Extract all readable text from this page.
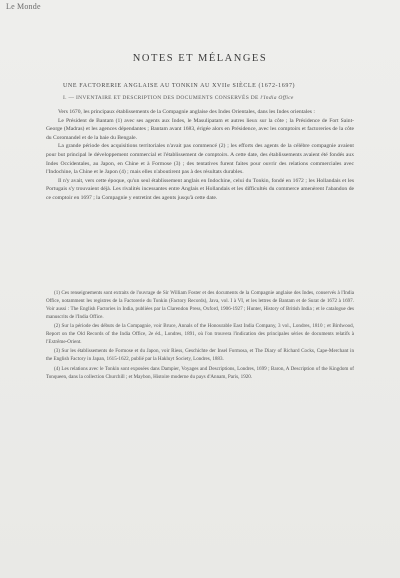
Le Monde
NOTES ET MÉLANGES
UNE FACTORERIE ANGLAISE AU TONKIN AU XVIIe SIÈCLE (1672-1697)
I. — INVENTAIRE ET DESCRIPTION DES DOCUMENTS CONSERVÉS DE l'India Office

Vers 1670, les principaux établissements de la Compagnie anglaise des Indes Orientales, dans les Indes orientales :

Le Président de Bantam (1) avec ses agents aux Indes, le Masulipatam et autres lieux sur la côte ; la Présidence de Fort Saint-George (Madras) et les agences dépendantes ; Bantam avant 1683, érigée alors en Présidence, avec les comptoirs et factoreries de la côte du Coromandel et de la baie du Bengale.

La grande période des acquisitions territoriales n'avait pas commencé (2) ; les efforts des agents de la célèbre compagnie avaient pour but principal le développement commercial et l'établissement de comptoirs. A cette date, des établissements avaient été fondés aux Indes Occidentales, au Japon, en Chine et à Formose (3) ; des tentatives furent faites pour ouvrir des relations commerciales avec l'Indochine, la Chine et le Japon (4) ; mais elles n'aboutirent pas à des résultats durables.

Il n'y avait, vers cette époque, qu'un seul établissement anglais en Indochine, celui du Tonkin, fondé en 1672 ; les Hollandais et les Portugais s'y trouvaient déjà. Les rivalités incessantes entre Anglais et Hollandais et les difficultés du commerce amenèrent l'abandon de ce comptoir en 1697 ; la Compagnie y entretint des agents jusqu'à cette date.

(1) Ces renseignements sont extraits de l'ouvrage de Sir William Foster et des documents de la Compagnie anglaise des Indes, conservés à l'India Office, notamment les registres de la Factorerie du Tonkin (Factory Records), Java, vol. I à VI, et les lettres de Bantam et de Surat de 1672 à 1697. Voir aussi : The English Factories in India, publiées par la Clarendon Press, Oxford, 1906-1927 ; Hunter, History of British India ; et le catalogue des manuscrits de l'India Office.

(2) Sur la période des débuts de la Compagnie, voir Bruce, Annals of the Honourable East India Company, 3 vol., Londres, 1810 ; et Birdwood, Report on the Old Records of the India Office, 2e éd., Londres, 1891, où l'on trouvera l'indication des principales séries de documents relatifs à l'Extrême-Orient.

(3) Sur les établissements de Formose et du Japon, voir Riess, Geschichte der Insel Formosa, et The Diary of Richard Cocks, Cape-Merchant in the English Factory in Japan, 1615-1622, publié par la Hakluyt Society, Londres, 1883.

(4) Les relations avec le Tonkin sont exposées dans Dampier, Voyages and Descriptions, Londres, 1699 ; Baron, A Description of the Kingdom of Tonqueen, dans la collection Churchill ; et Maybon, Histoire moderne du pays d'Annam, Paris, 1920.
